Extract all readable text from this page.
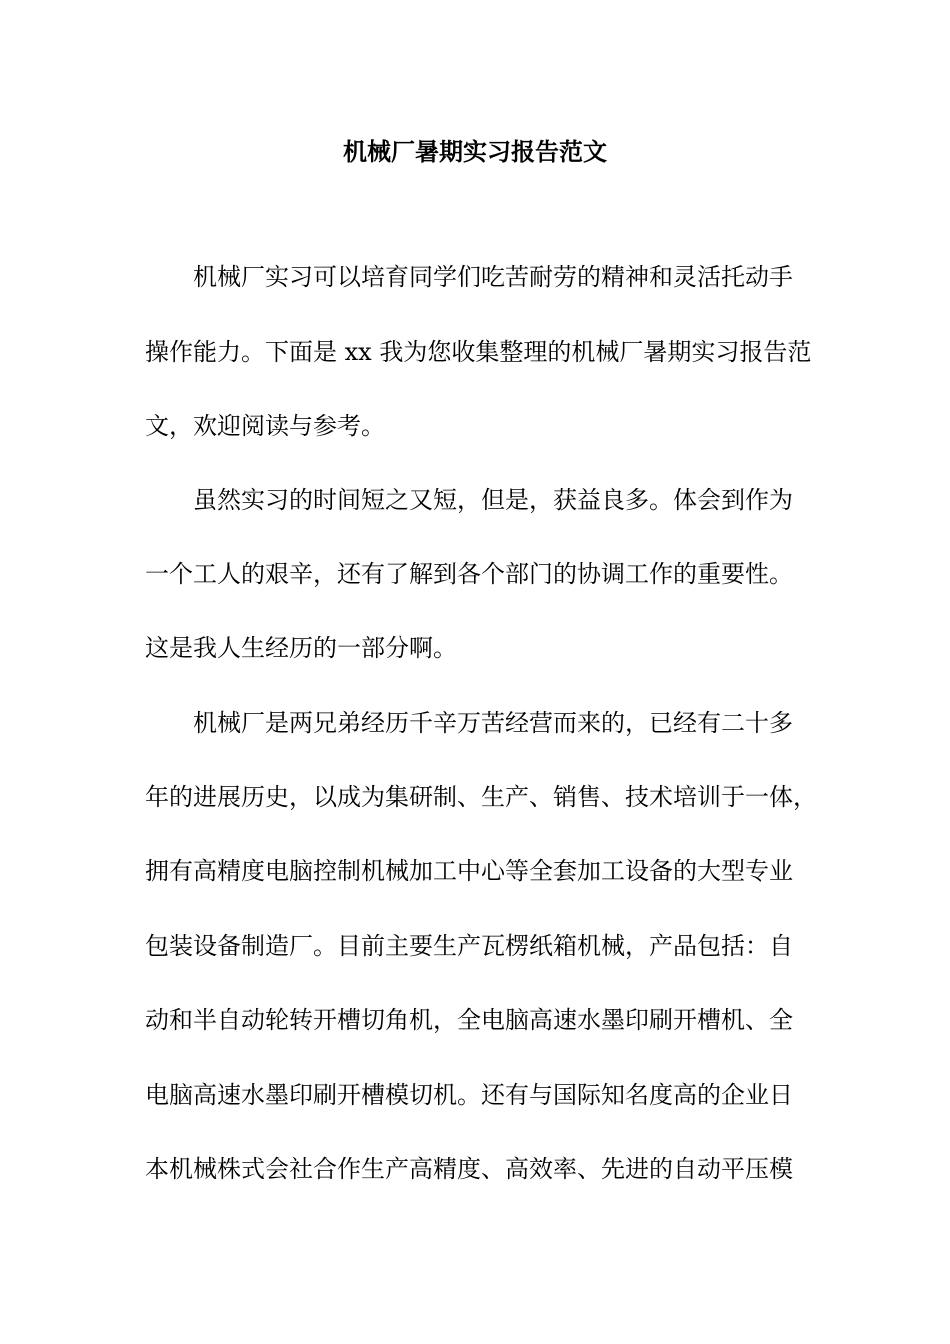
机械厂暑期实习报告范文
机械厂实习可以培育同学们吃苦耐劳的精神和灵活托动手
操作能力。下面是 xx 我为您收集整理的机械厂暑期实习报告范
文，欢迎阅读与参考。
虽然实习的时间短之又短，但是，获益良多。体会到作为
一个工人的艰辛，还有了解到各个部门的协调工作的重要性。
这是我人生经历的一部分啊。
机械厂是两兄弟经历千辛万苦经营而来的，已经有二十多
年的进展历史，以成为集研制、生产、销售、技术培训于一体，
拥有高精度电脑控制机械加工中心等全套加工设备的大型专业
包装设备制造厂。目前主要生产瓦楞纸箱机械，产品包括：自
动和半自动轮转开槽切角机，全电脑高速水墨印刷开槽机、全
电脑高速水墨印刷开槽模切机。还有与国际知名度高的企业日
本机械株式会社合作生产高精度、高效率、先进的自动平压模
